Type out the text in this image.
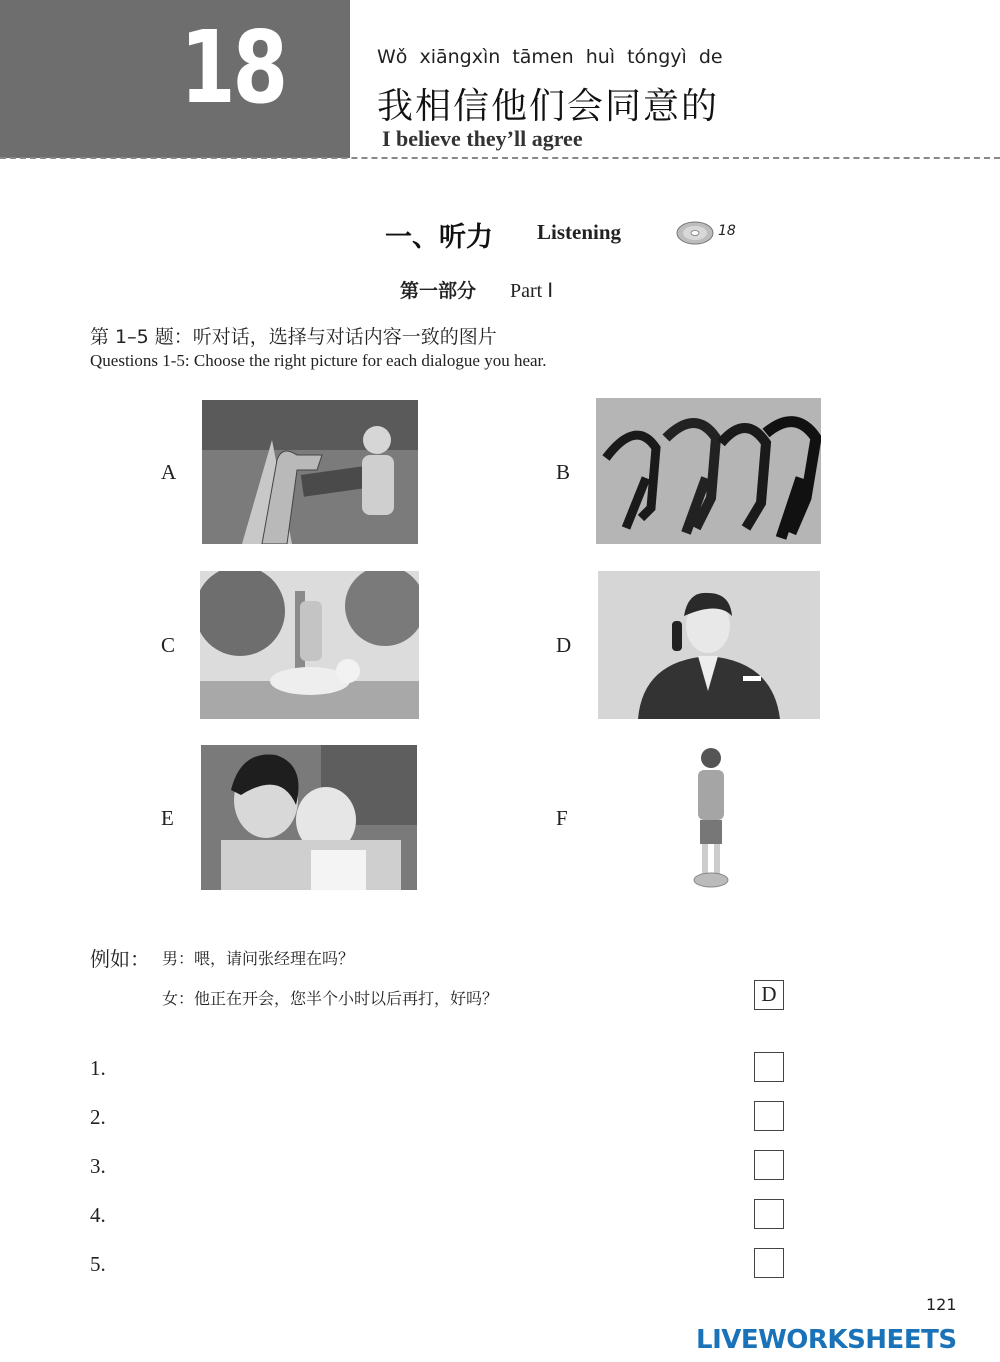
18	Wǒ xiāngxìn tāmen huì tóngyì de
我相信他们会同意的
I believe they’ll agree
一、听力 Listening	18
第一部分 Part Ⅰ
第 1–5 题：听对话，选择与对话内容一致的图片
Questions 1-5: Choose the right picture for each dialogue you hear.
A	B
C	D
E	F
例如： 男：喂，请问张经理在吗？
女：他正在开会，您半个小时以后再打，好吗？	D
1.
2.
3.
4.
5.
121
LIVEWORKSHEETS
